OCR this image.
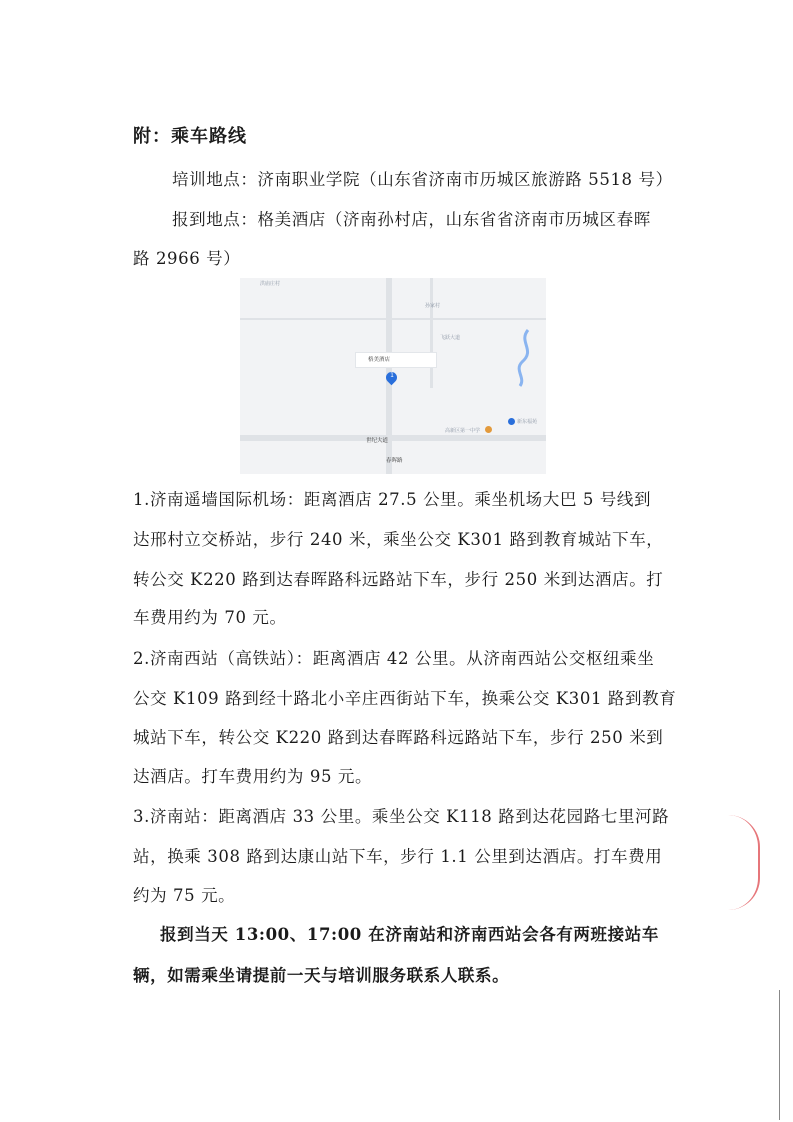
附：乘车路线
培训地点：济南职业学院（山东省济南市历城区旅游路 5518 号）
报到地点：格美酒店（济南孙村店，山东省省济南市历城区春晖
路 2966 号）
洪庙庄村
孙家村
飞跃大道
格美酒店
1
高新区第一中学
新东福苑
世纪大道
春晖路
1.济南遥墙国际机场：距离酒店 27.5 公里。乘坐机场大巴 5 号线到
达邢村立交桥站，步行 240 米，乘坐公交 K301 路到教育城站下车，
转公交 K220 路到达春晖路科远路站下车，步行 250 米到达酒店。打
车费用约为 70 元。
2.济南西站（高铁站）：距离酒店 42 公里。从济南西站公交枢纽乘坐
公交 K109 路到经十路北小辛庄西街站下车，换乘公交 K301 路到教育
城站下车，转公交 K220 路到达春晖路科远路站下车，步行 250 米到
达酒店。打车费用约为 95 元。
3.济南站：距离酒店 33 公里。乘坐公交 K118 路到达花园路七里河路
站，换乘 308 路到达康山站下车，步行 1.1 公里到达酒店。打车费用
约为 75 元。
报到当天 13:00、17:00 在济南站和济南西站会各有两班接站车
辆，如需乘坐请提前一天与培训服务联系人联系。
